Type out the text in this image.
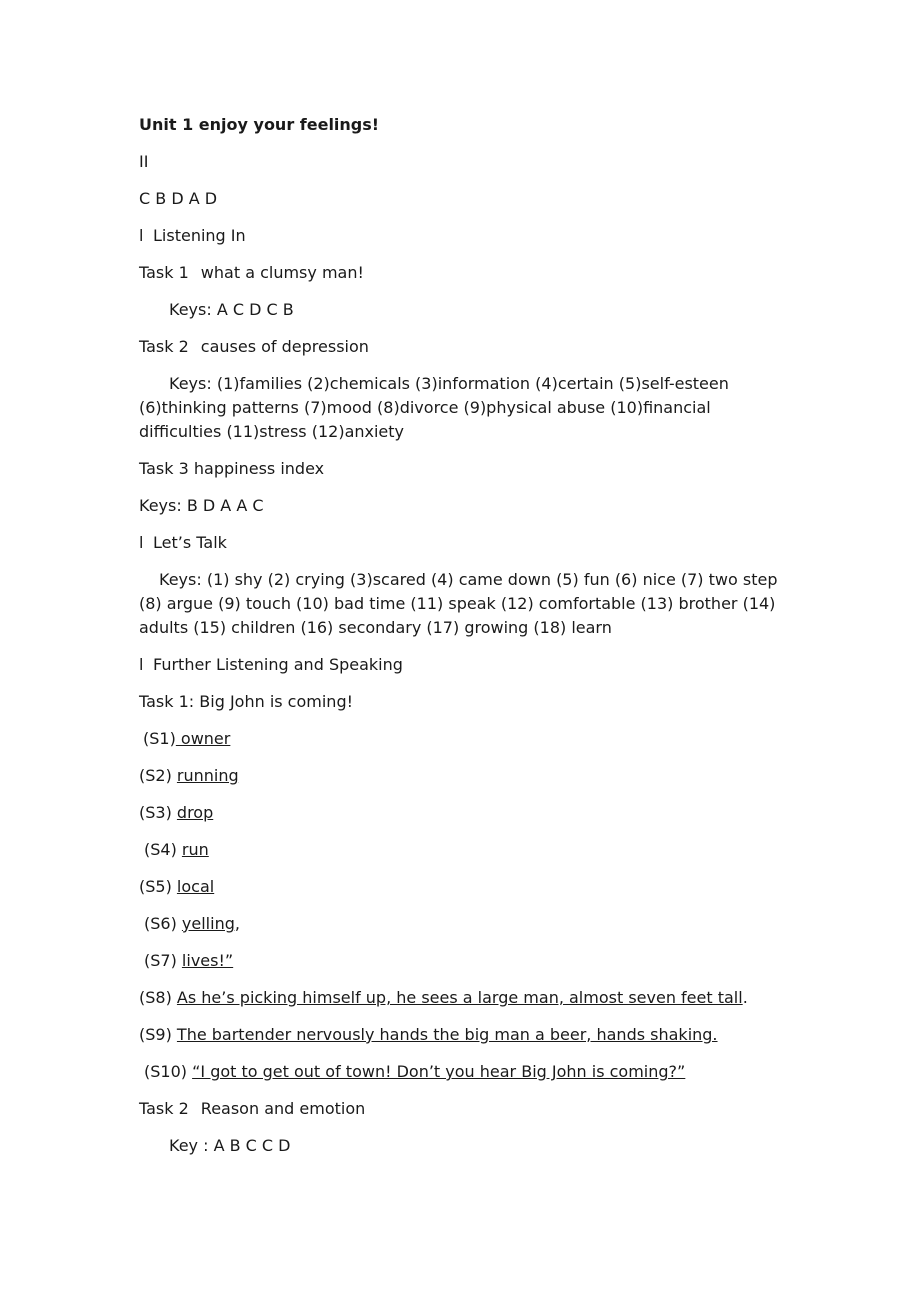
Unit 1 enjoy your feelings!
II
C B D A D
l Listening In
Task 1 what a clumsy man!
Keys: A C D C B
Task 2 causes of depression
Keys: (1)families (2)chemicals (3)information (4)certain (5)self-esteen (6)thinking patterns (7)mood (8)divorce (9)physical abuse (10)financial difficulties (11)stress (12)anxiety
Task 3 happiness index
Keys: B D A A C
l Let’s Talk
Keys: (1) shy (2) crying (3)scared (4) came down (5) fun (6) nice (7) two step (8) argue (9) touch (10) bad time (11) speak (12) comfortable (13) brother (14) adults (15) children (16) secondary (17) growing (18) learn
l Further Listening and Speaking
Task 1: Big John is coming!
(S1) owner
(S2) running
(S3) drop
(S4) run
(S5) local
(S6) yelling,
(S7) lives!”
(S8) As he’s picking himself up, he sees a large man, almost seven feet tall.
(S9) The bartender nervously hands the big man a beer, hands shaking.
(S10) “I got to get out of town! Don’t you hear Big John is coming?”
Task 2 Reason and emotion
Key : A B C C D
